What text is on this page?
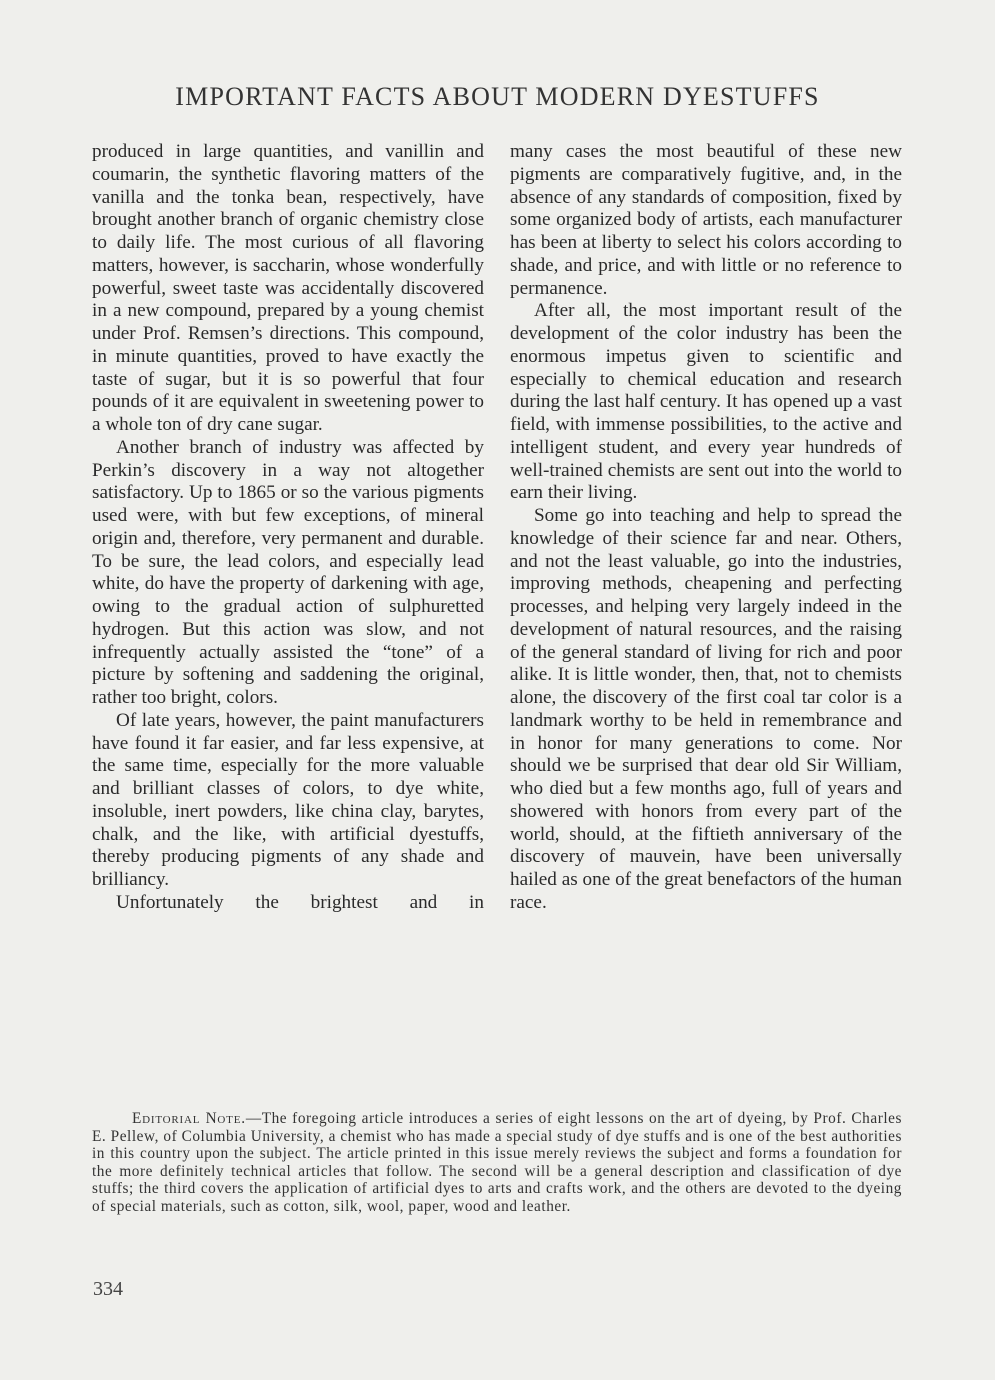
IMPORTANT FACTS ABOUT MODERN DYESTUFFS

produced in large quantities, and vanillin and coumarin, the synthetic flavoring matters of the vanilla and the tonka bean, respectively, have brought another branch of organic chemistry close to daily life. The most curious of all flavoring matters, however, is saccharin, whose wonderfully powerful, sweet taste was accidentally discovered in a new compound, prepared by a young chemist under Prof. Remsen’s directions. This compound, in minute quantities, proved to have exactly the taste of sugar, but it is so powerful that four pounds of it are equivalent in sweetening power to a whole ton of dry cane sugar.

Another branch of industry was affected by Perkin’s discovery in a way not altogether satisfactory. Up to 1865 or so the various pigments used were, with but few exceptions, of mineral origin and, therefore, very permanent and durable. To be sure, the lead colors, and especially lead white, do have the property of darkening with age, owing to the gradual action of sulphuretted hydrogen. But this action was slow, and not infrequently actually assisted the “tone” of a picture by softening and saddening the original, rather too bright, colors.

Of late years, however, the paint manufacturers have found it far easier, and far less expensive, at the same time, especially for the more valuable and brilliant classes of colors, to dye white, insoluble, inert powders, like china clay, barytes, chalk, and the like, with artificial dyestuffs, thereby producing pigments of any shade and brilliancy.

Unfortunately the brightest and in

many cases the most beautiful of these new pigments are comparatively fugitive, and, in the absence of any standards of composition, fixed by some organized body of artists, each manufacturer has been at liberty to select his colors according to shade, and price, and with little or no reference to permanence.

After all, the most important result of the development of the color industry has been the enormous impetus given to scientific and especially to chemical education and research during the last half century. It has opened up a vast field, with immense possibilities, to the active and intelligent student, and every year hundreds of well-trained chemists are sent out into the world to earn their living.

Some go into teaching and help to spread the knowledge of their science far and near. Others, and not the least valuable, go into the industries, improving methods, cheapening and perfecting processes, and helping very largely indeed in the development of natural resources, and the raising of the general standard of living for rich and poor alike. It is little wonder, then, that, not to chemists alone, the discovery of the first coal tar color is a landmark worthy to be held in remembrance and in honor for many generations to come. Nor should we be surprised that dear old Sir William, who died but a few months ago, full of years and showered with honors from every part of the world, should, at the fiftieth anniversary of the discovery of mauvein, have been universally hailed as one of the great benefactors of the human race.

Editorial Note.—The foregoing article introduces a series of eight lessons on the art of dyeing, by Prof. Charles E. Pellew, of Columbia University, a chemist who has made a special study of dye stuffs and is one of the best authorities in this country upon the subject. The article printed in this issue merely reviews the subject and forms a foundation for the more definitely technical articles that follow. The second will be a general description and classification of dye stuffs; the third covers the application of artificial dyes to arts and crafts work, and the others are devoted to the dyeing of special materials, such as cotton, silk, wool, paper, wood and leather.

334
